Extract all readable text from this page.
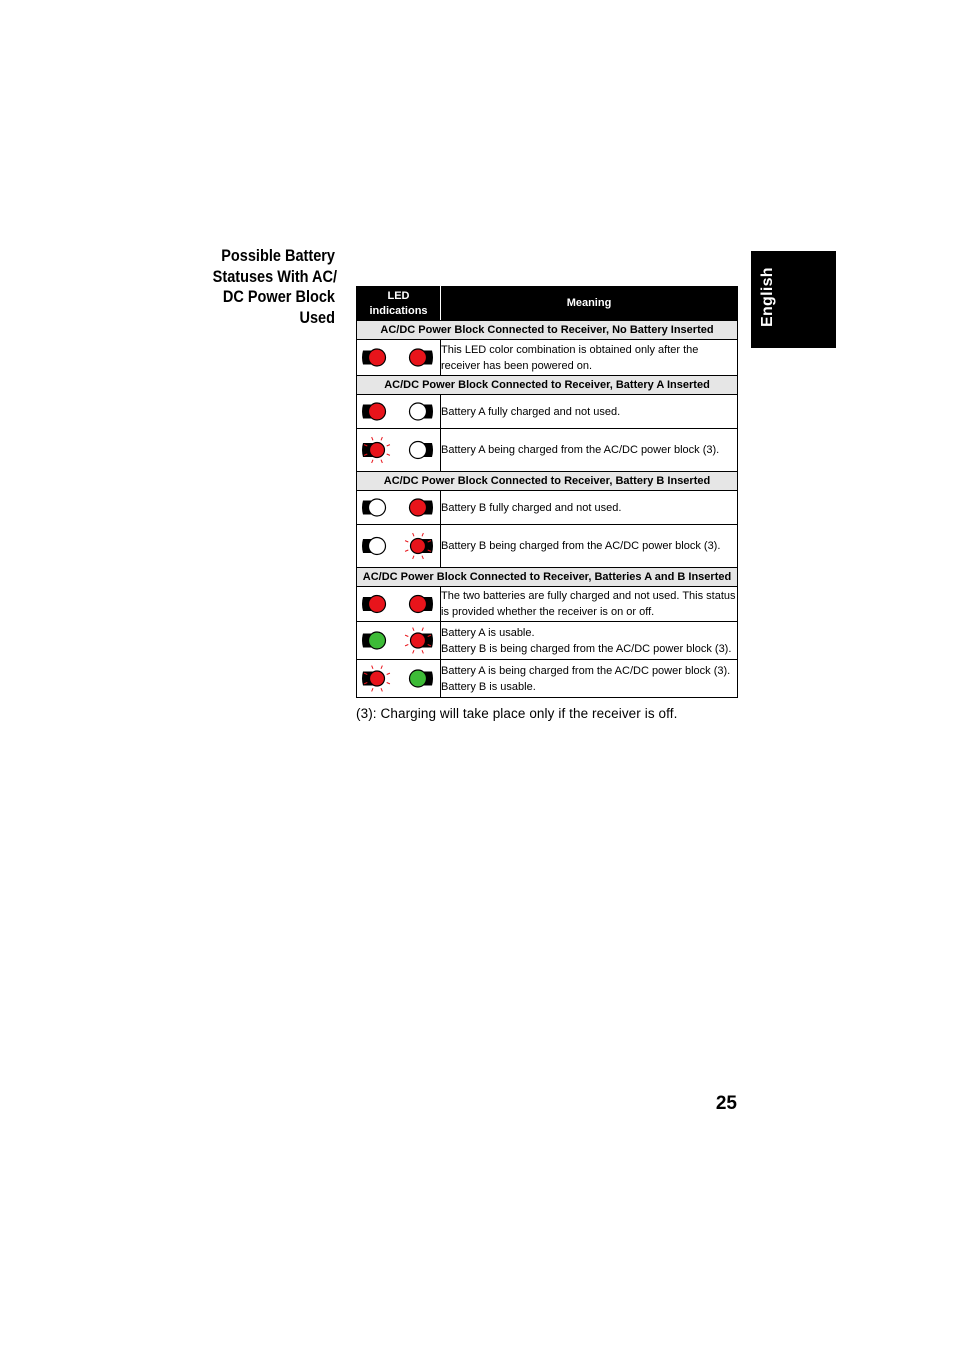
Possible Battery
Statuses With AC/
DC Power Block
Used	English
LED
indications	Meaning
AC/DC Power Block Connected to Receiver, No Battery Inserted	

This LED color combination is obtained only after the receiver has been powered on.

AC/DC Power Block Connected to Receiver, Battery A Inserted	

Battery A fully charged and not used.

Battery A being charged from the AC/DC power block (3).

AC/DC Power Block Connected to Receiver, Battery B Inserted	

Battery B fully charged and not used.

Battery B being charged from the AC/DC power block (3).

AC/DC Power Block Connected to Receiver, Batteries A and B Inserted	

The two batteries are fully charged and not used. This status is provided whether the receiver is on or off.

Battery A is usable.
Battery B is being charged from the AC/DC power block (3).

Battery A is being charged from the AC/DC power block (3).
Battery B is usable.
(3): Charging will take place only if the receiver is off.
25
